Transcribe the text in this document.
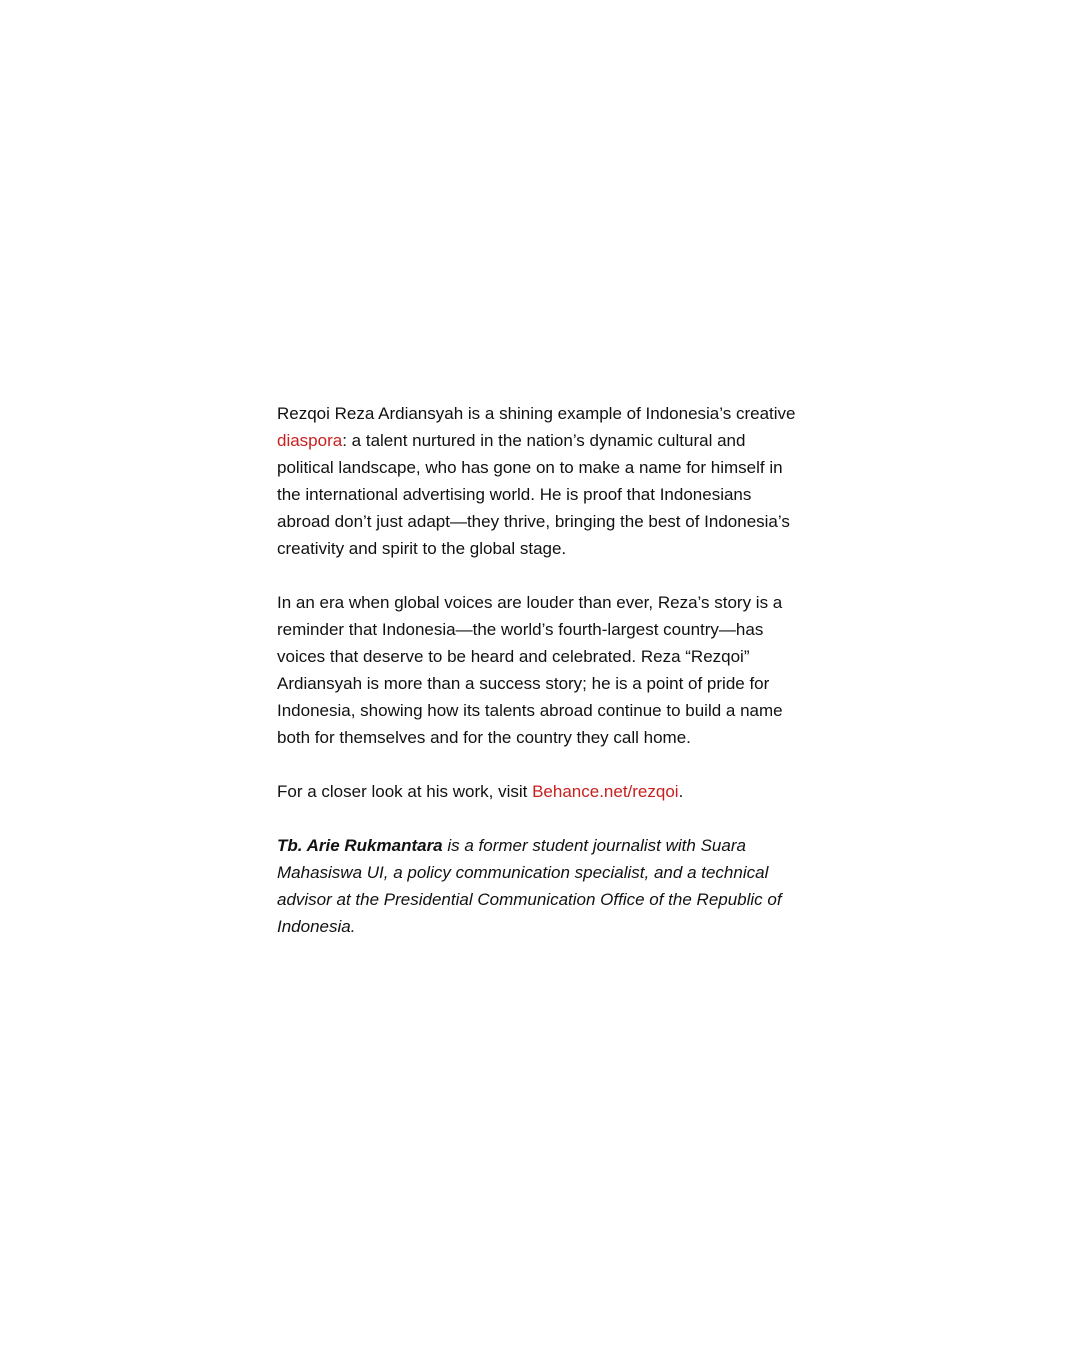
Rezqoi Reza Ardiansyah is a shining example of Indonesia’s creative diaspora: a talent nurtured in the nation’s dynamic cultural and political landscape, who has gone on to make a name for himself in the international advertising world. He is proof that Indonesians abroad don’t just adapt—they thrive, bringing the best of Indonesia’s creativity and spirit to the global stage.

In an era when global voices are louder than ever, Reza’s story is a reminder that Indonesia—the world’s fourth-largest country—has voices that deserve to be heard and celebrated. Reza “Rezqoi” Ardiansyah is more than a success story; he is a point of pride for Indonesia, showing how its talents abroad continue to build a name both for themselves and for the country they call home.

For a closer look at his work, visit Behance.net/rezqoi.

Tb. Arie Rukmantara is a former student journalist with Suara Mahasiswa UI, a policy communication specialist, and a technical advisor at the Presidential Communication Office of the Republic of Indonesia.
